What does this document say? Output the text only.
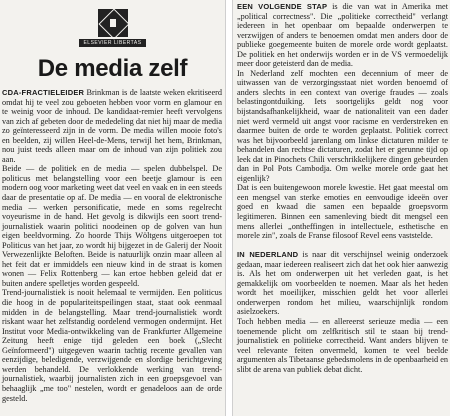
ELSEVIER LIBERTAS
De media zelf

CDA-FRACTIELEIDER Brinkman is de laatste weken ekritiseerd omdat hij te veel zou geboeten hebben voor vorm en glamour en te weinig voor de inhoud. De kandidaat-remier heeft vervolgens van zich af gebeten door de mededeling dat niet hij maar de media zo geïnteresseerd zijn in de vorm. De media willen mooie foto's en beelden, zij willen Heel-de-Mens, terwijl het hem, Brinkman, nou juist teeds alleen maar om de inhoud van zijn politiek zou aan.

Beide — de politiek en de media — spelen dubbelspel. De politicus met belangstelling voor een beetje glamour is een modern oog voor marketing weet dat veel en vaak en in een steeds daar de presentatie op af. De media — en vooral de elektronische media — werken personificatie, mede en soms regelrecht voyeurisme in de hand. Het gevolg is dikwijls een soort trend-journalistiek waarin politici noodeinen op de golven van hun eigen beeldvorming. Zo hoorde Thijs Wöltgens uitgeroepen tot Politicus van het jaar, zo wordt hij bijgezet in de Galerij der Nooit Verwezenlijkte Beloften. Beide is natuurlijk onzin maar alleen al het feit dat er immiddels een nieuw kind in de straat is komen wonen — Felix Rottenberg — kan ertoe hebben geleid dat er buiten andere spelletjes worden gespeeld.

Trend-journalistiek is nooit helemaal te vermijden. Een politicus die hoog in de populariteitspeilingen staat, staat ook eenmaal midden in de belangstelling. Maar trend-journalistiek wordt riskant waar het zelfstandig oordelend vermogen ondermijnt. Het Institut voor Media-ontwikkeling van de Frankfurter Allgemeine Zeitung heeft enige tijd geleden een boek („Slecht Geïnformeerd") uitgegeven waarin tachtig recente gevallen van eenzijdige, beledigende, verzwijgende en slordige berichtgeving werden behandeld. De verlokkende werking van trend-journalistiek, waarbij journalisten zich in een groepsgevoel van behaaglijk „me too" nestelen, wordt er genadeloos aan de orde gesteld.

EEN VOLGENDE STAP is die van wat in Amerika met „political correctness". Die „politieke correctheid" verlangt iedereen in het openbaar om bepaalde onderwerpen te verzwijgen of anders te benoemen omdat men anders door de publieke goegemeente buiten de morele orde wordt geplaatst. De politiek en het onderwijs worden er in de VS vermoedelijk meer door geteisterd dan de media.

In Nederland zelf mochten een decennium of meer de uitwassen van de verzorgingsstaat niet worden benoemd of anders slechts in een context van overige fraudes — zoals belastingontduiking. Iets soortgelijks geldt nog voor bijstandsafhankelijkheid, waar de nationaliteit van een dader niet werd vermeld uit angst voor racisme en verderstreken en daarmee buiten de orde te worden geplaatst. Politiek correct was het bijvoorbeeld jarenlang om linkse dictaturen milder te behandelen dan rechtse dictaturen, zodat het er gerunne tijd op leek dat in Pinochets Chili verschrikkelijkere dingen gebeurden dan in Pol Pots Cambodja. Om welke morele orde gaat het eigenlijk?

Dat is een buitengewoon morele kwestie. Het gaat meestal om een mengsel van sterke emoties en eenvoudige ideeën over goed en kwaad die samen een bepaalde groepsvorm legitimeren. Binnen een samenleving biedt dit mengsel een mens allerlei „ontheffingen in intellectuele, esthetische en morele zin", zoals de Franse filosoof Revel eens vaststelde.

IN NEDERLAND is naar dit verschijnsel weinig onderzoek gedaan, maar iedereen realiseert zich dat het ook hier aanwezig is. Als het om onderwerpen uit het verleden gaat, is het gemakkelijk om voorbeelden te noemen. Maar als het heden wordt het moeilijker, misschien geldt het voor allerlei onderwerpen rondom het milieu, waarschijnlijk rondom asielzoekers.

Toch hebben media — en allereerst serieuze media — een toenemende plicht om zelfkritisch stil te staan bij trend-journalistiek en politieke correctheid. Want anders blijven te veel relevante feiten onvermeld, komen te veel beelde argumenten als Tibetaanse gebedsmolens in de openbaarheid en slibt de arena van publiek debat dicht.
